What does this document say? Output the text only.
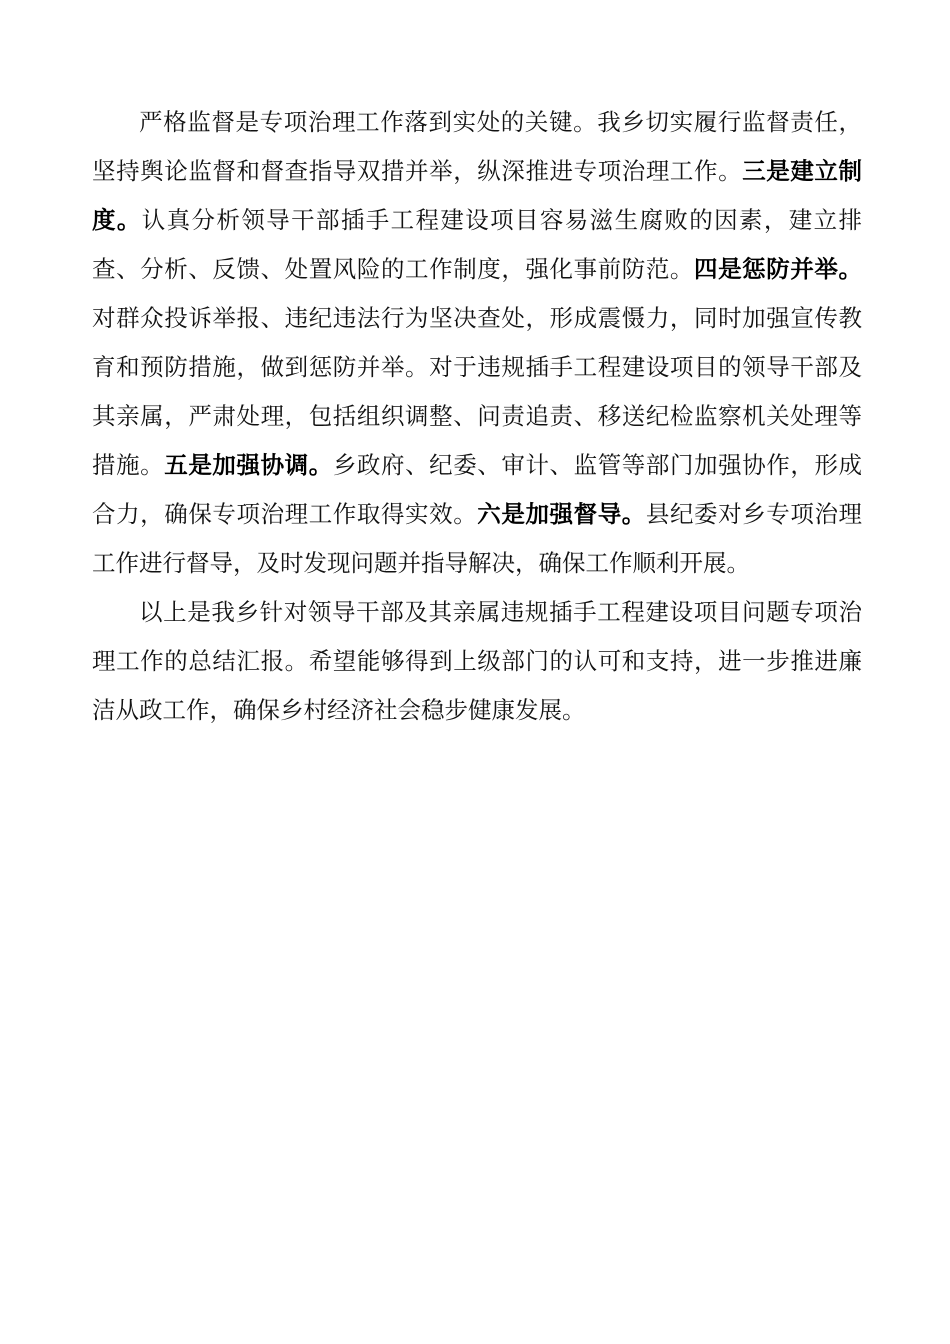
严格监督是专项治理工作落到实处的关键。我乡切实履行监督责任，坚持舆论监督和督查指导双措并举，纵深推进专项治理工作。三是建立制度。认真分析领导干部插手工程建设项目容易滋生腐败的因素，建立排查、分析、反馈、处置风险的工作制度，强化事前防范。四是惩防并举。对群众投诉举报、违纪违法行为坚决查处，形成震慑力，同时加强宣传教育和预防措施，做到惩防并举。对于违规插手工程建设项目的领导干部及其亲属，严肃处理，包括组织调整、问责追责、移送纪检监察机关处理等措施。五是加强协调。乡政府、纪委、审计、监管等部门加强协作，形成合力，确保专项治理工作取得实效。六是加强督导。县纪委对乡专项治理工作进行督导，及时发现问题并指导解决，确保工作顺利开展。

以上是我乡针对领导干部及其亲属违规插手工程建设项目问题专项治理工作的总结汇报。希望能够得到上级部门的认可和支持，进一步推进廉洁从政工作，确保乡村经济社会稳步健康发展。
